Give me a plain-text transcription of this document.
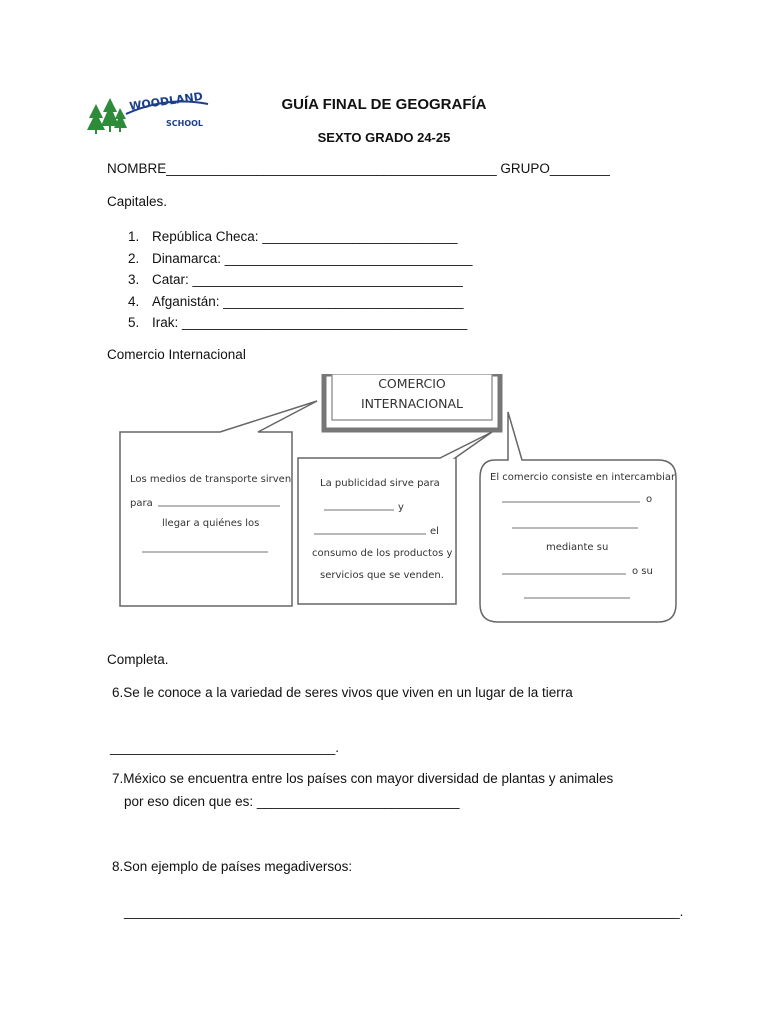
WOODLAND
SCHOOL
GUÍA FINAL DE GEOGRAFÍA
SEXTO GRADO 24-25
NOMBRE____________________________________________ GRUPO________
Capitales.
1. República Checa: __________________________
2. Dinamarca: _________________________________
3. Catar: ____________________________________
4. Afganistán: ________________________________
5. Irak: ______________________________________
Comercio Internacional
COMERCIO
INTERNACIONAL
Los medios de transporte sirven
para
llegar a quiénes los
La publicidad sirve para
y
el
consumo de los productos y
servicios que se venden.
El comercio consiste en intercambiar
o
mediante su
o su
Completa.
6.Se le conoce a la variedad de seres vivos que viven en un lugar de la tierra
______________________________.
7.México se encuentra entre los países con mayor diversidad de plantas y animales
por eso dicen que es: ___________________________
8.Son ejemplo de países megadiversos:
__________________________________________________________________________.
